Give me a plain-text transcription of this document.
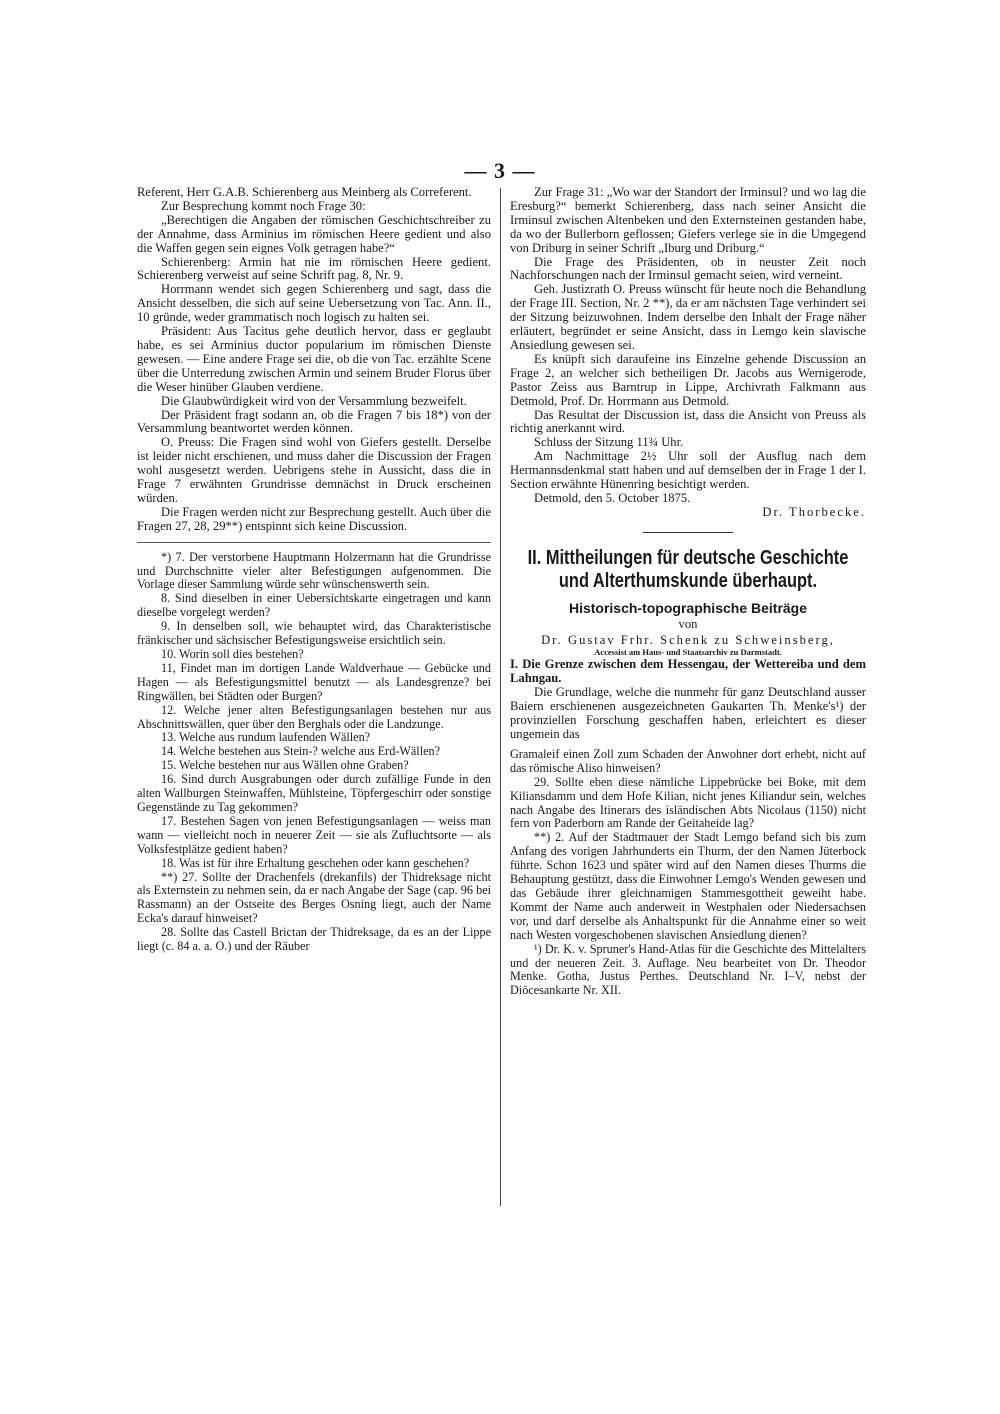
— 3 —

Referent, Herr G.A.B. Schierenberg aus Meinberg als Correferent.

Zur Besprechung kommt noch Frage 30:

„Berechtigen die Angaben der römischen Geschichtschreiber zu der Annahme, dass Arminius im römischen Heere gedient und also die Waffen gegen sein eignes Volk getragen habe?“

Schierenberg: Armin hat nie im römischen Heere gedient. Schierenberg verweist auf seine Schrift pag. 8, Nr. 9.

Horrmann wendet sich gegen Schierenberg und sagt, dass die Ansicht desselben, die sich auf seine Uebersetzung von Tac. Ann. II., 10 gründe, weder grammatisch noch logisch zu halten sei.

Präsident: Aus Tacitus gehe deutlich hervor, dass er geglaubt habe, es sei Arminius ductor popularium im römischen Dienste gewesen. — Eine andere Frage sei die, ob die von Tac. erzählte Scene über die Unterredung zwischen Armin und seinem Bruder Florus über die Weser hinüber Glauben verdiene.

Die Glaubwürdigkeit wird von der Versammlung bezweifelt.

Der Präsident fragt sodann an, ob die Fragen 7 bis 18*) von der Versammlung beantwortet werden können.

O. Preuss: Die Fragen sind wohl von Giefers gestellt. Derselbe ist leider nicht erschienen, und muss daher die Discussion der Fragen wohl ausgesetzt werden. Uebrigens stehe in Aussicht, dass die in Frage 7 erwähnten Grundrisse demnächst in Druck erscheinen würden.

Die Fragen werden nicht zur Besprechung gestellt. Auch über die Fragen 27, 28, 29**) entspinnt sich keine Discussion.

*) 7. Der verstorbene Hauptmann Holzermann hat die Grundrisse und Durchschnitte vieler alter Befestigungen aufgenommen. Die Vorlage dieser Sammlung würde sehr wünschenswerth sein.

8. Sind dieselben in einer Uebersichtskarte eingetragen und kann dieselbe vorgelegt werden?

9. In denselben soll, wie behauptet wird, das Charakteristische fränkischer und sächsischer Befestigungsweise ersichtlich sein.

10. Worin soll dies bestehen?

11, Findet man im dortigen Lande Waldverhaue — Gebücke und Hagen — als Befestigungsmittel benutzt — als Landesgrenze? bei Ringwällen, bei Städten oder Burgen?

12. Welche jener alten Befestigungsanlagen bestehen nur aus Abschnittswällen, quer über den Berghals oder die Landzunge.

13. Welche aus rundum laufenden Wällen?

14. Welche bestehen aus Stein-? welche aus Erd-Wällen?

15. Welche bestehen nur aus Wällen ohne Graben?

16. Sind durch Ausgrabungen oder durch zufällige Funde in den alten Wallburgen Steinwaffen, Mühlsteine, Töpfergeschirr oder sonstige Gegenstände zu Tag gekommen?

17. Bestehen Sagen von jenen Befestigungsanlagen — weiss man wann — vielleicht noch in neuerer Zeit — sie als Zufluchtsorte — als Volksfestplätze gedient haben?

18. Was ist für ihre Erhaltung geschehen oder kann geschehen?

**) 27. Sollte der Drachenfels (drekanfils) der Thidreksage nicht als Externstein zu nehmen sein, da er nach Angabe der Sage (cap. 96 bei Rassmann) an der Ostseite des Berges Osning liegt, auch der Name Ecka's darauf hinweiset?

28. Sollte das Castell Brictan der Thidreksage, da es an der Lippe liegt (c. 84 a. a. O.) und der Räuber

Zur Frage 31: „Wo war der Standort der Irminsul? und wo lag die Eresburg?“ bemerkt Schierenberg, dass nach seiner Ansicht die Irminsul zwischen Altenbeken und den Externsteinen gestanden habe, da wo der Bullerborn geflossen; Giefers verlege sie in die Umgegend von Driburg in seiner Schrift „Iburg und Driburg.“

Die Frage des Präsidenten, ob in neuster Zeit noch Nachforschungen nach der Irminsul gemacht seien, wird verneint.

Geh. Justizrath O. Preuss wünscht für heute noch die Behandlung der Frage III. Section, Nr. 2 **), da er am nächsten Tage verhindert sei der Sitzung beizuwohnen. Indem derselbe den Inhalt der Frage näher erläutert, begründet er seine Ansicht, dass in Lemgo kein slavische Ansiedlung gewesen sei.

Es knüpft sich daraufeine ins Einzelne gehende Discussion an Frage 2, an welcher sich betheiligen Dr. Jacobs aus Wernigerode, Pastor Zeiss aus Barntrup in Lippe, Archivrath Falkmann aus Detmold, Prof. Dr. Horrmann aus Detmold.

Das Resultat der Discussion ist, dass die Ansicht von Preuss als richtig anerkannt wird.

Schluss der Sitzung 11¾ Uhr.

Am Nachmittage 2½ Uhr soll der Ausflug nach dem Hermannsdenkmal statt haben und auf demselben der in Frage 1 der I. Section erwähnte Hünenring besichtigt werden.

Detmold, den 5. October 1875.

Dr. Thorbecke.

II. Mittheilungen für deutsche Geschichte und Alterthumskunde überhaupt.
Historisch-topographische Beiträge
von
Dr. Gustav Frhr. Schenk zu Schweinsberg,
Accessist am Haus- und Staatsarchiv zu Darmstadt.

I. Die Grenze zwischen dem Hessengau, der Wettereiba und dem Lahngau.

Die Grundlage, welche die nunmehr für ganz Deutschland ausser Baiern erschienenen ausgezeichneten Gaukarten Th. Menke's¹) der provinziellen Forschung geschaffen haben, erleichtert es dieser ungemein das

Gramaleif einen Zoll zum Schaden der Anwohner dort erhebt, nicht auf das römische Aliso hinweisen?

29. Sollte eben diese nämliche Lippebrücke bei Boke, mit dem Kiliansdamm und dem Hofe Kilian, nicht jenes Kiliandur sein, welches nach Angabe des Itinerars des isländischen Abts Nicolaus (1150) nicht fern von Paderborn am Rande der Geitaheide lag?

**) 2. Auf der Stadtmauer der Stadt Lemgo befand sich bis zum Anfang des vorigen Jahrhunderts ein Thurm, der den Namen Jüterbock führte. Schon 1623 und später wird auf den Namen dieses Thurms die Behauptung gestützt, dass die Einwohner Lemgo's Wenden gewesen und das Gebäude ihrer gleichnamigen Stammesgottheit geweiht habe. Kommt der Name auch anderweit in Westphalen oder Niedersachsen vor, und darf derselbe als Anhaltspunkt für die Annahme einer so weit nach Westen vorgeschobenen slavischen Ansiedlung dienen?

¹) Dr. K. v. Spruner's Hand-Atlas für die Geschichte des Mittelalters und der neueren Zeit. 3. Auflage. Neu bearbeitet von Dr. Theodor Menke. Gotha, Justus Perthes. Deutschland Nr. I–V, nebst der Diöcesankarte Nr. XII.
